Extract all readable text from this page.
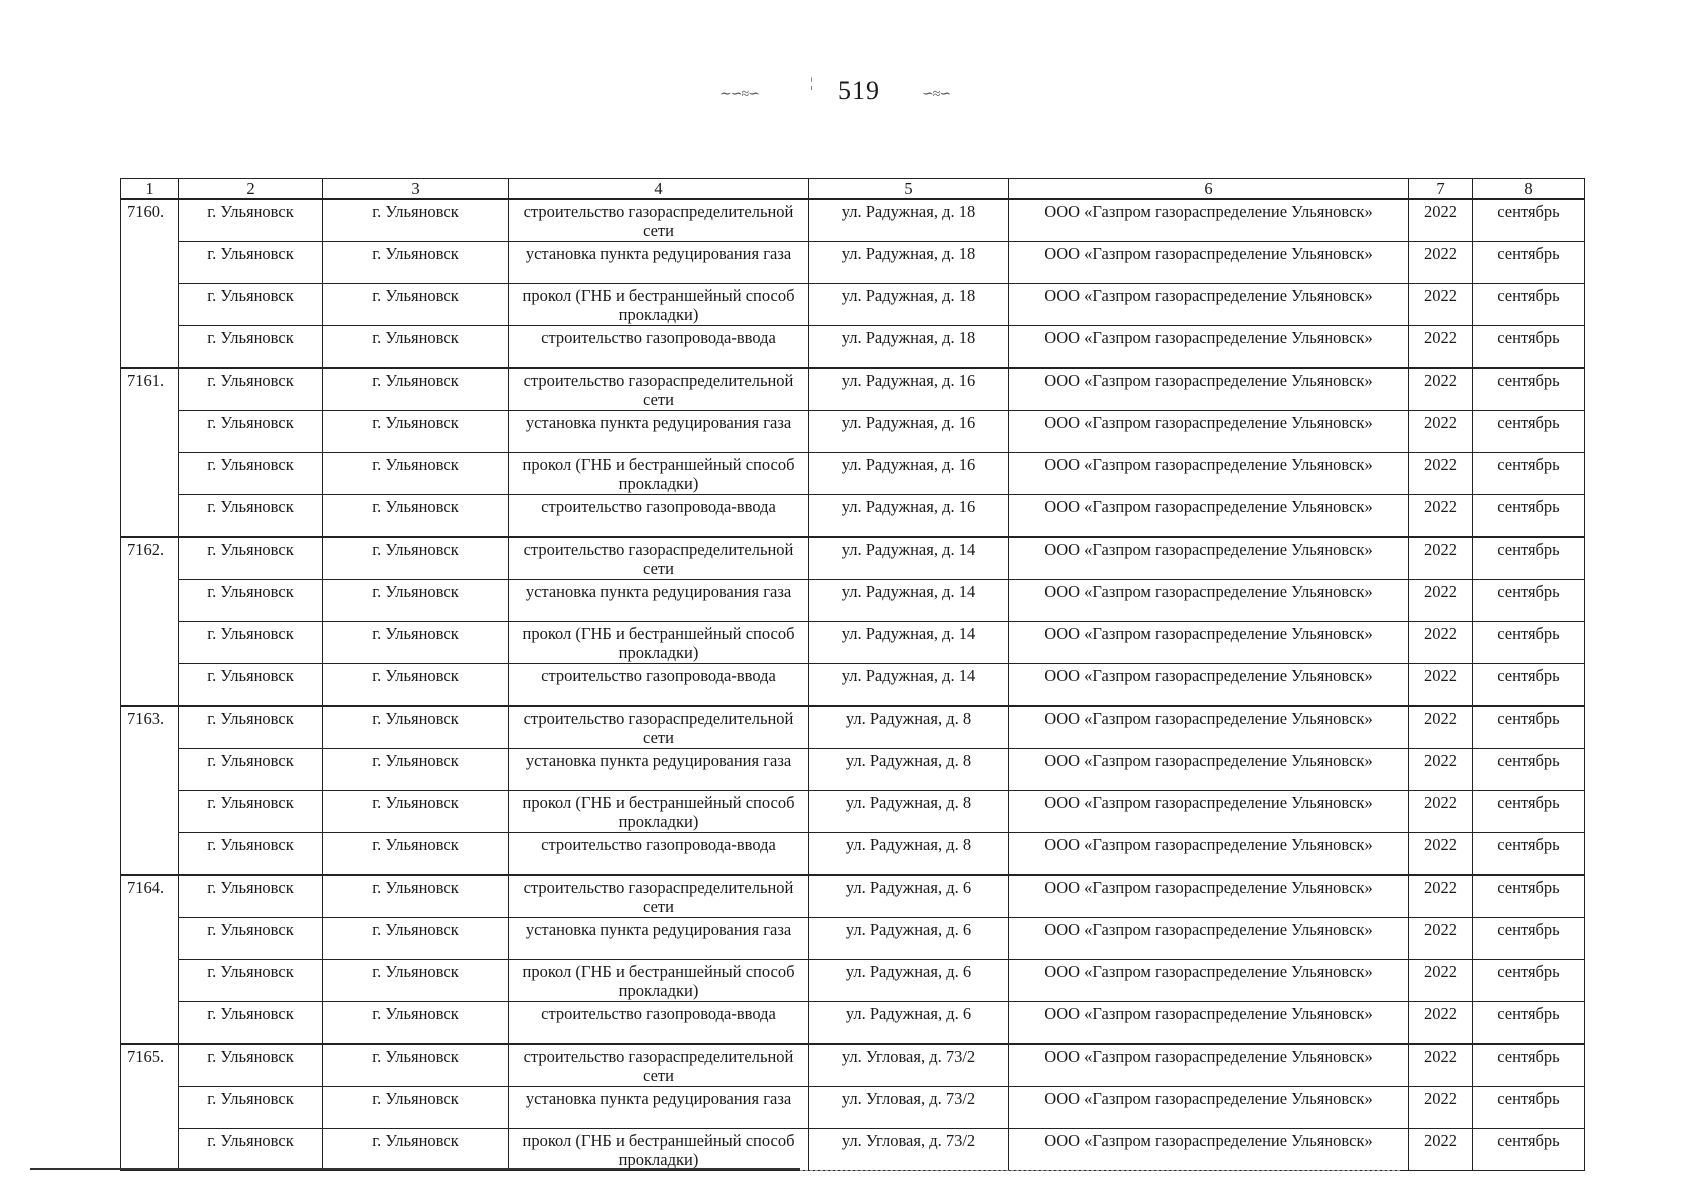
∼∽≈∽
¦ 519	∽≈∽
1	2	3	4	5	6	7	8
7160.	г. Ульяновск	г. Ульяновск	строительство газораспределительной сети	ул. Радужная, д. 18	ООО «Газпром газораспределение Ульяновск»	2022	сентябрь
	г. Ульяновск	г. Ульяновск	установка пункта редуцирования газа	ул. Радужная, д. 18	ООО «Газпром газораспределение Ульяновск»	2022	сентябрь
	г. Ульяновск	г. Ульяновск	прокол (ГНБ и бестраншейный способ прокладки)	ул. Радужная, д. 18	ООО «Газпром газораспределение Ульяновск»	2022	сентябрь
	г. Ульяновск	г. Ульяновск	строительство газопровода-ввода	ул. Радужная, д. 18	ООО «Газпром газораспределение Ульяновск»	2022	сентябрь
7161.	г. Ульяновск	г. Ульяновск	строительство газораспределительной сети	ул. Радужная, д. 16	ООО «Газпром газораспределение Ульяновск»	2022	сентябрь
	г. Ульяновск	г. Ульяновск	установка пункта редуцирования газа	ул. Радужная, д. 16	ООО «Газпром газораспределение Ульяновск»	2022	сентябрь
	г. Ульяновск	г. Ульяновск	прокол (ГНБ и бестраншейный способ прокладки)	ул. Радужная, д. 16	ООО «Газпром газораспределение Ульяновск»	2022	сентябрь
	г. Ульяновск	г. Ульяновск	строительство газопровода-ввода	ул. Радужная, д. 16	ООО «Газпром газораспределение Ульяновск»	2022	сентябрь
7162.	г. Ульяновск	г. Ульяновск	строительство газораспределительной сети	ул. Радужная, д. 14	ООО «Газпром газораспределение Ульяновск»	2022	сентябрь
	г. Ульяновск	г. Ульяновск	установка пункта редуцирования газа	ул. Радужная, д. 14	ООО «Газпром газораспределение Ульяновск»	2022	сентябрь
	г. Ульяновск	г. Ульяновск	прокол (ГНБ и бестраншейный способ прокладки)	ул. Радужная, д. 14	ООО «Газпром газораспределение Ульяновск»	2022	сентябрь
	г. Ульяновск	г. Ульяновск	строительство газопровода-ввода	ул. Радужная, д. 14	ООО «Газпром газораспределение Ульяновск»	2022	сентябрь
7163.	г. Ульяновск	г. Ульяновск	строительство газораспределительной сети	ул. Радужная, д. 8	ООО «Газпром газораспределение Ульяновск»	2022	сентябрь
	г. Ульяновск	г. Ульяновск	установка пункта редуцирования газа	ул. Радужная, д. 8	ООО «Газпром газораспределение Ульяновск»	2022	сентябрь
	г. Ульяновск	г. Ульяновск	прокол (ГНБ и бестраншейный способ прокладки)	ул. Радужная, д. 8	ООО «Газпром газораспределение Ульяновск»	2022	сентябрь
	г. Ульяновск	г. Ульяновск	строительство газопровода-ввода	ул. Радужная, д. 8	ООО «Газпром газораспределение Ульяновск»	2022	сентябрь
7164.	г. Ульяновск	г. Ульяновск	строительство газораспределительной сети	ул. Радужная, д. 6	ООО «Газпром газораспределение Ульяновск»	2022	сентябрь
	г. Ульяновск	г. Ульяновск	установка пункта редуцирования газа	ул. Радужная, д. 6	ООО «Газпром газораспределение Ульяновск»	2022	сентябрь
	г. Ульяновск	г. Ульяновск	прокол (ГНБ и бестраншейный способ прокладки)	ул. Радужная, д. 6	ООО «Газпром газораспределение Ульяновск»	2022	сентябрь
	г. Ульяновск	г. Ульяновск	строительство газопровода-ввода	ул. Радужная, д. 6	ООО «Газпром газораспределение Ульяновск»	2022	сентябрь
7165.	г. Ульяновск	г. Ульяновск	строительство газораспределительной сети	ул. Угловая, д. 73/2	ООО «Газпром газораспределение Ульяновск»	2022	сентябрь
	г. Ульяновск	г. Ульяновск	установка пункта редуцирования газа	ул. Угловая, д. 73/2	ООО «Газпром газораспределение Ульяновск»	2022	сентябрь
	г. Ульяновск	г. Ульяновск	прокол (ГНБ и бестраншейный способ прокладки)	ул. Угловая, д. 73/2	ООО «Газпром газораспределение Ульяновск»	2022	сентябрь
